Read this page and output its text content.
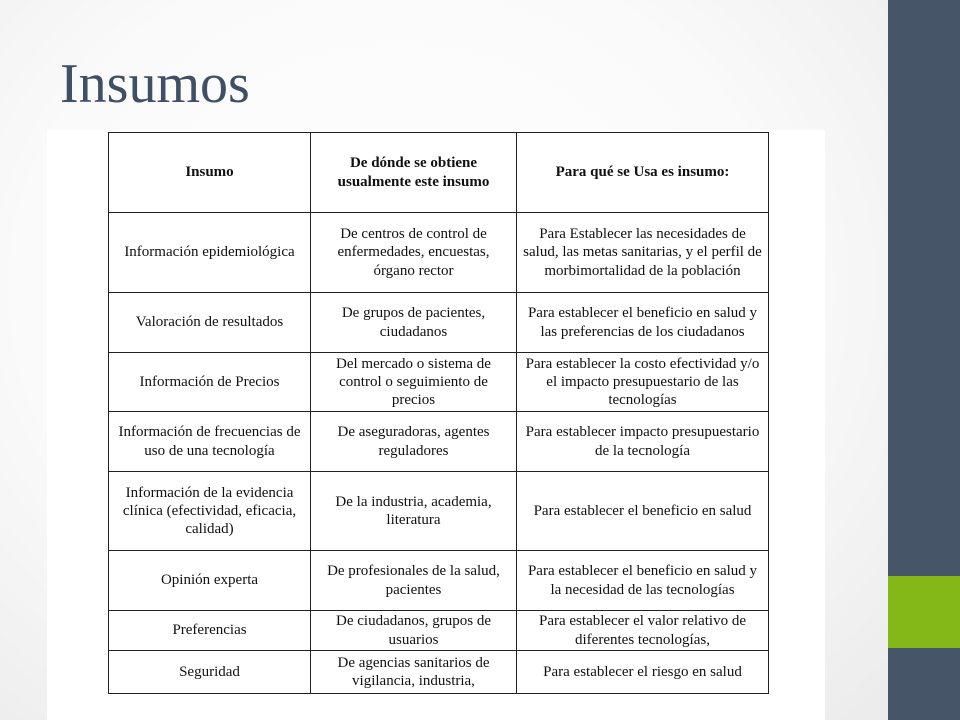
Insumos
Insumo	De dónde se obtiene usualmente este insumo	Para qué se Usa es insumo:
Información epidemiológica	De centros de control de enfermedades, encuestas, órgano rector	Para Establecer las necesidades de salud, las metas sanitarias, y el perfil de morbimortalidad de la población
Valoración de resultados	De grupos de pacientes, ciudadanos	Para establecer el beneficio en salud y las preferencias de los ciudadanos
Información de Precios	Del mercado o sistema de control o seguimiento de precios	Para establecer la costo efectividad y/o el impacto presupuestario de las tecnologías
Información de frecuencias de uso de una tecnología	De aseguradoras, agentes reguladores	Para establecer impacto presupuestario de la tecnología
Información de la evidencia clínica (efectividad, eficacia, calidad)	De la industria, academia, literatura	Para establecer el beneficio en salud
Opinión experta	De profesionales de la salud, pacientes	Para establecer el beneficio en salud y la necesidad de las tecnologías
Preferencias	De ciudadanos, grupos de usuarios	Para establecer el valor relativo de diferentes tecnologías,
Seguridad	De agencias sanitarios de vigilancia, industria,	Para establecer el riesgo en salud
